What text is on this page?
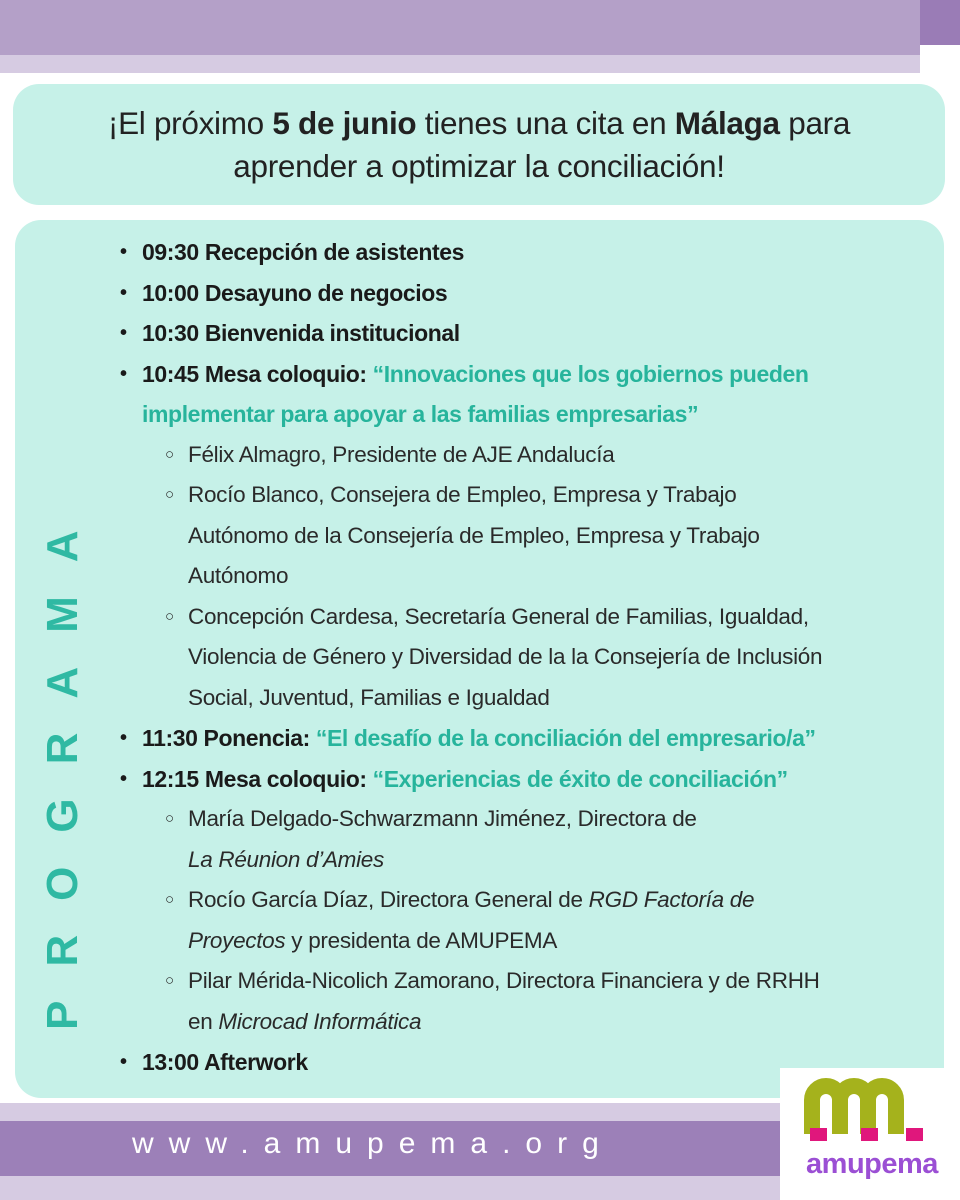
¡El próximo 5 de junio tienes una cita en Málaga para
aprender a optimizar la conciliación!

PROGRAMA
• 09:30 Recepción de asistentes
• 10:00 Desayuno de negocios
• 10:30 Bienvenida institucional
• 10:45 Mesa coloquio: “Innovaciones que los gobiernos pueden
implementar para apoyar a las familias empresarias”
○ Félix Almagro, Presidente de AJE Andalucía
○ Rocío Blanco, Consejera de Empleo, Empresa y Trabajo
Autónomo de la Consejería de Empleo, Empresa y Trabajo
Autónomo
○ Concepción Cardesa, Secretaría General de Familias, Igualdad,
Violencia de Género y Diversidad de la la Consejería de Inclusión
Social, Juventud, Familias e Igualdad
• 11:30 Ponencia: “El desafío de la conciliación del empresario/a”
• 12:15 Mesa coloquio: “Experiencias de éxito de conciliación”
○ María Delgado-Schwarzmann Jiménez, Directora de
La Réunion d’Amies
○ Rocío García Díaz, Directora General de RGD Factoría de
Proyectos y presidenta de AMUPEMA
○ Pilar Mérida-Nicolich Zamorano, Directora Financiera y de RRHH
en Microcad Informática
• 13:00 Afterwork
www.amupema.org
amupema
